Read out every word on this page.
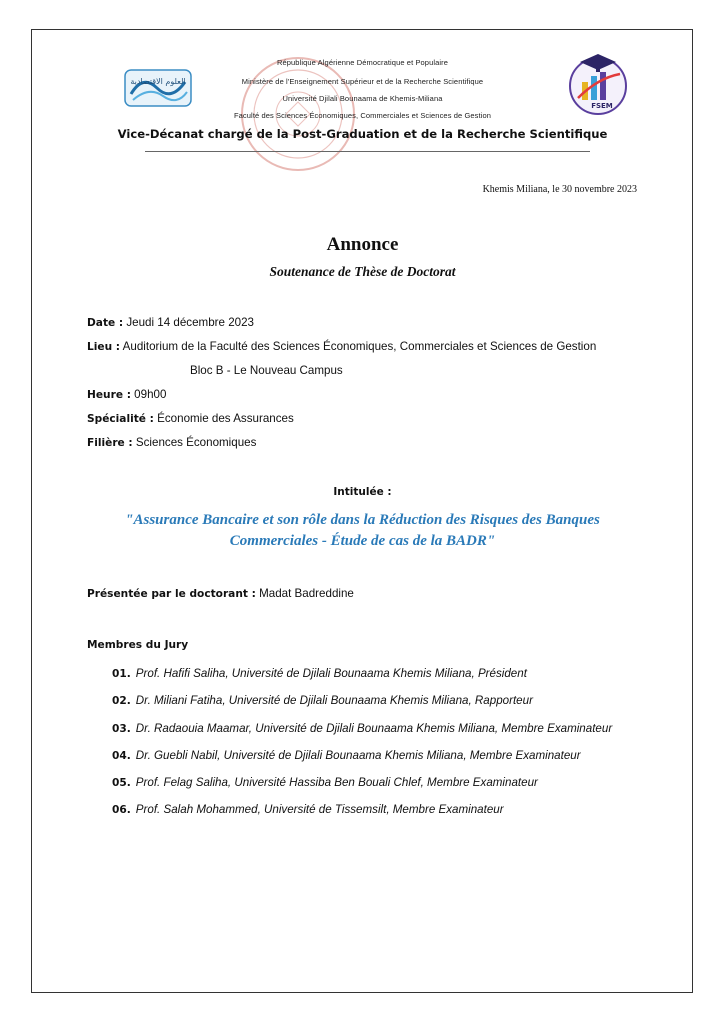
العلوم الاقتصادية
FSEM
République Algérienne Démocratique et Populaire
Ministère de l'Enseignement Supérieur et de la Recherche Scientifique
Université Djilali Bounaama de Khemis-Miliana
Faculté des Sciences Économiques, Commerciales et Sciences de Gestion
Vice-Décanat chargé de la Post-Graduation et de la Recherche Scientifique
Khemis Miliana, le 30 novembre 2023
Annonce
Soutenance de Thèse de Doctorat
Date : Jeudi 14 décembre 2023
Lieu : Auditorium de la Faculté des Sciences Économiques, Commerciales et Sciences de Gestion
Bloc B - Le Nouveau Campus
Heure : 09h00
Spécialité : Économie des Assurances
Filière : Sciences Économiques
Intitulée :
"Assurance Bancaire et son rôle dans la Réduction des Risques des Banques Commerciales - Étude de cas de la BADR"
Présentée par le doctorant : Madat Badreddine
Membres du Jury
01. Prof. Hafifi Saliha, Université de Djilali Bounaama Khemis Miliana, Président
02. Dr. Miliani Fatiha, Université de Djilali Bounaama Khemis Miliana, Rapporteur
03. Dr. Radaouia Maamar, Université de Djilali Bounaama Khemis Miliana, Membre Examinateur
04. Dr. Guebli Nabil, Université de Djilali Bounaama Khemis Miliana, Membre Examinateur
05. Prof. Felag Saliha, Université Hassiba Ben Bouali Chlef, Membre Examinateur
06. Prof. Salah Mohammed, Université de Tissemsilt, Membre Examinateur
